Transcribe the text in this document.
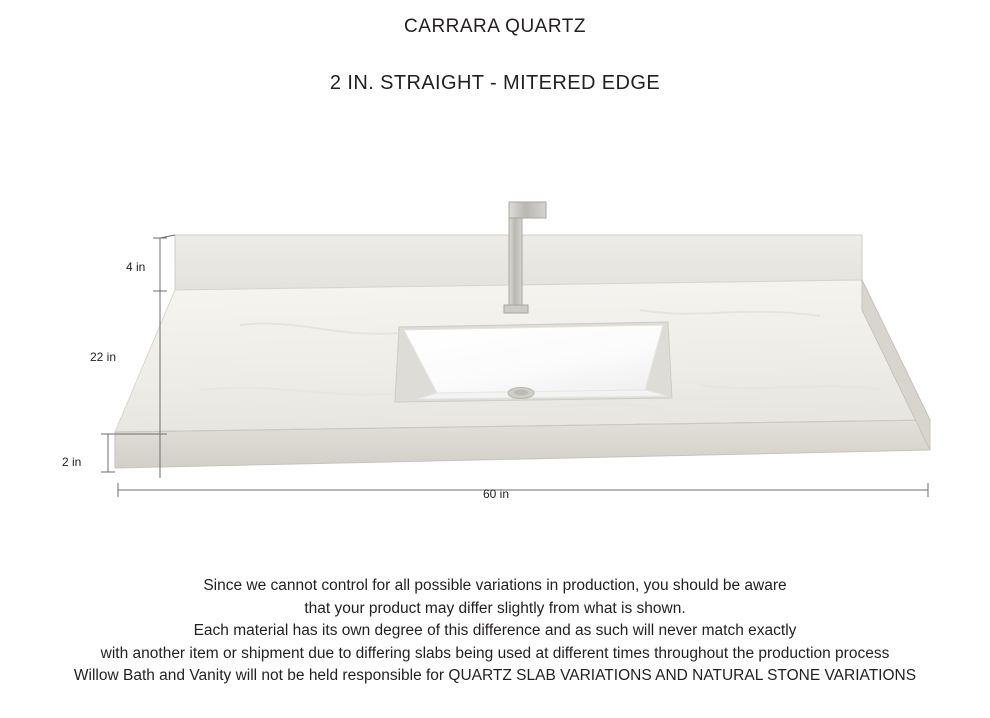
CARRARA QUARTZ
2 IN. STRAIGHT - MITERED EDGE
4 in
22 in
2 in
60 in
Since we cannot control for all possible variations in production, you should be aware
that your product may differ slightly from what is shown.
Each material has its own degree of this difference and as such will never match exactly
with another item or shipment due to differing slabs being used at different times throughout the production process
Willow Bath and Vanity will not be held responsible for QUARTZ SLAB VARIATIONS AND NATURAL STONE VARIATIONS
